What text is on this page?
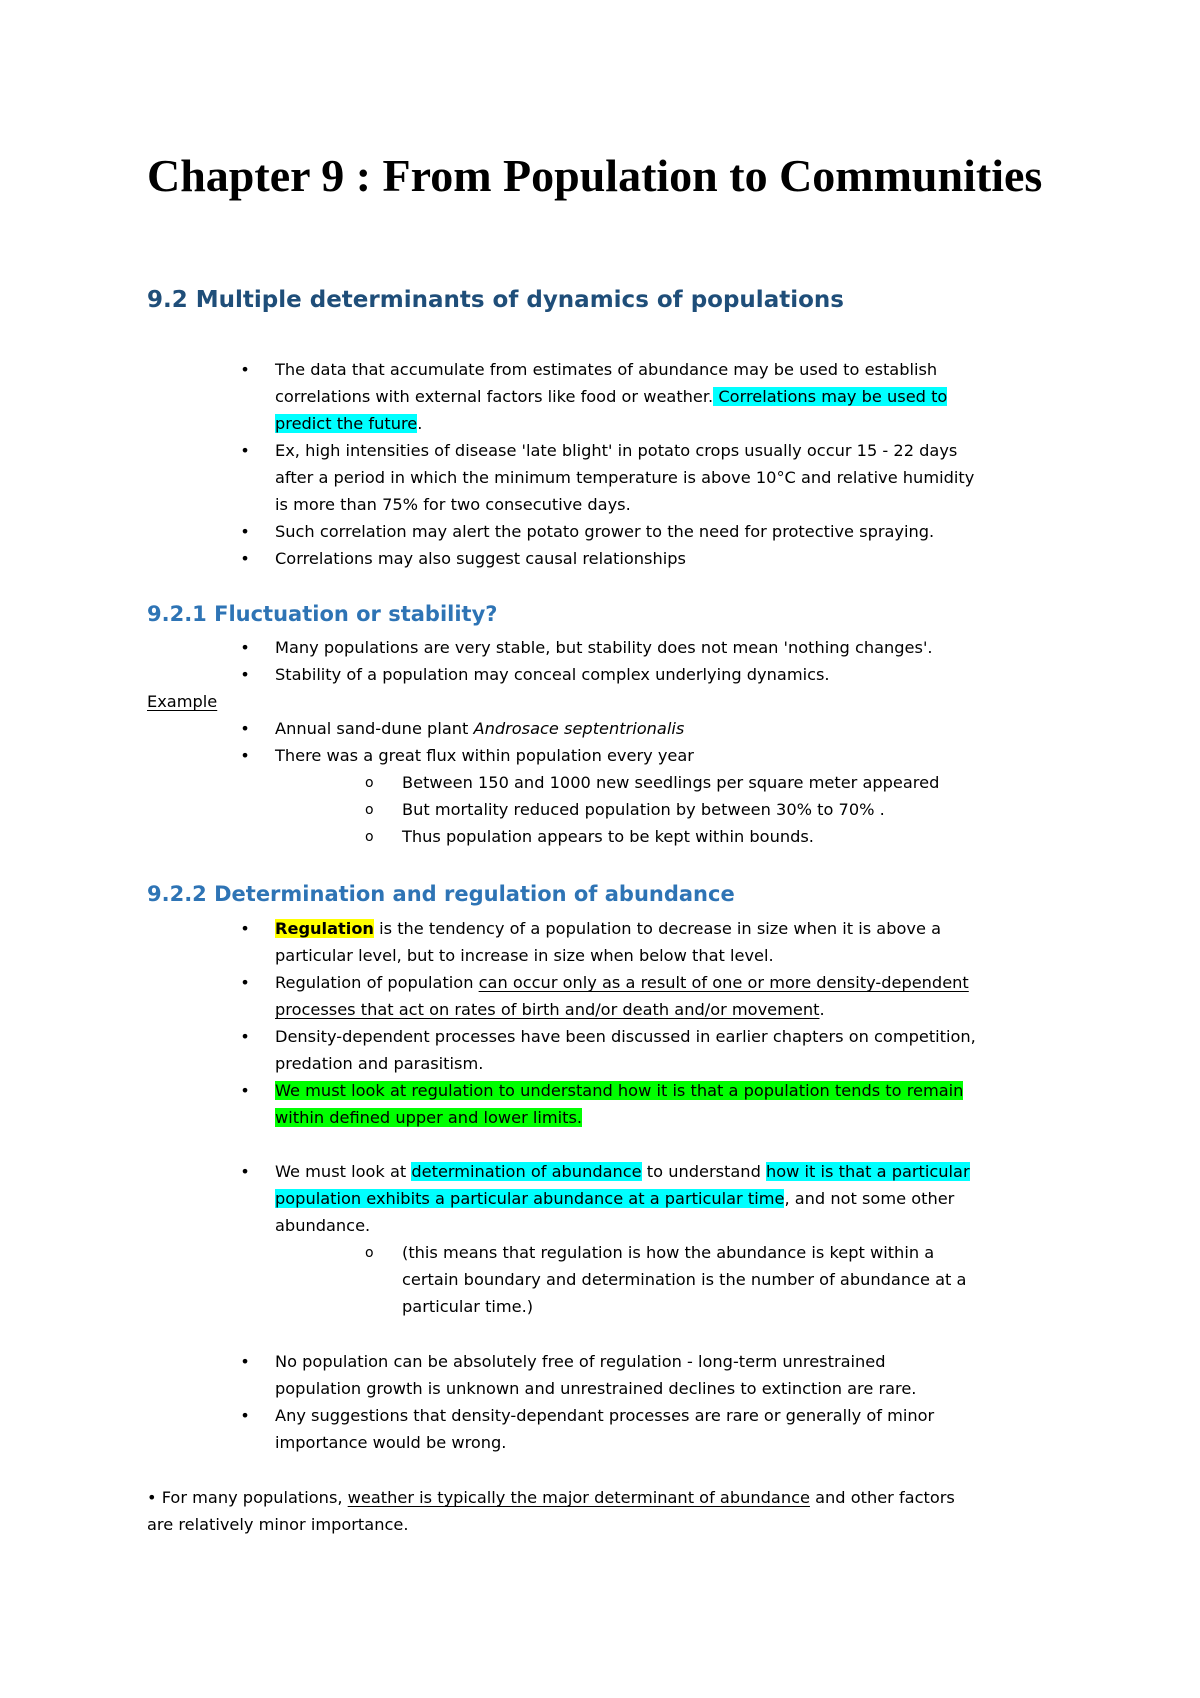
Chapter 9 : From Population to Communities
9.2 Multiple determinants of dynamics of populations
• The data that accumulate from estimates of abundance may be used to establish
correlations with external factors like food or weather. Correlations may be used to
predict the future.
• Ex, high intensities of disease 'late blight' in potato crops usually occur 15 - 22 days
after a period in which the minimum temperature is above 10°C and relative humidity
is more than 75% for two consecutive days.
• Such correlation may alert the potato grower to the need for protective spraying.
• Correlations may also suggest causal relationships
9.2.1 Fluctuation or stability?
• Many populations are very stable, but stability does not mean 'nothing changes'.
• Stability of a population may conceal complex underlying dynamics.
Example
• Annual sand-dune plant Androsace septentrionalis
• There was a great flux within population every year
o Between 150 and 1000 new seedlings per square meter appeared
o But mortality reduced population by between 30% to 70% .
o Thus population appears to be kept within bounds.
9.2.2 Determination and regulation of abundance
• Regulation is the tendency of a population to decrease in size when it is above a
particular level, but to increase in size when below that level.
• Regulation of population can occur only as a result of one or more density-dependent
processes that act on rates of birth and/or death and/or movement.
• Density-dependent processes have been discussed in earlier chapters on competition,
predation and parasitism.
• We must look at regulation to understand how it is that a population tends to remain
within defined upper and lower limits.
• We must look at determination of abundance to understand how it is that a particular
population exhibits a particular abundance at a particular time, and not some other
abundance.
o (this means that regulation is how the abundance is kept within a
certain boundary and determination is the number of abundance at a
particular time.)
• No population can be absolutely free of regulation - long-term unrestrained
population growth is unknown and unrestrained declines to extinction are rare.
• Any suggestions that density-dependant processes are rare or generally of minor
importance would be wrong.
• For many populations, weather is typically the major determinant of abundance and other factors
are relatively minor importance.
